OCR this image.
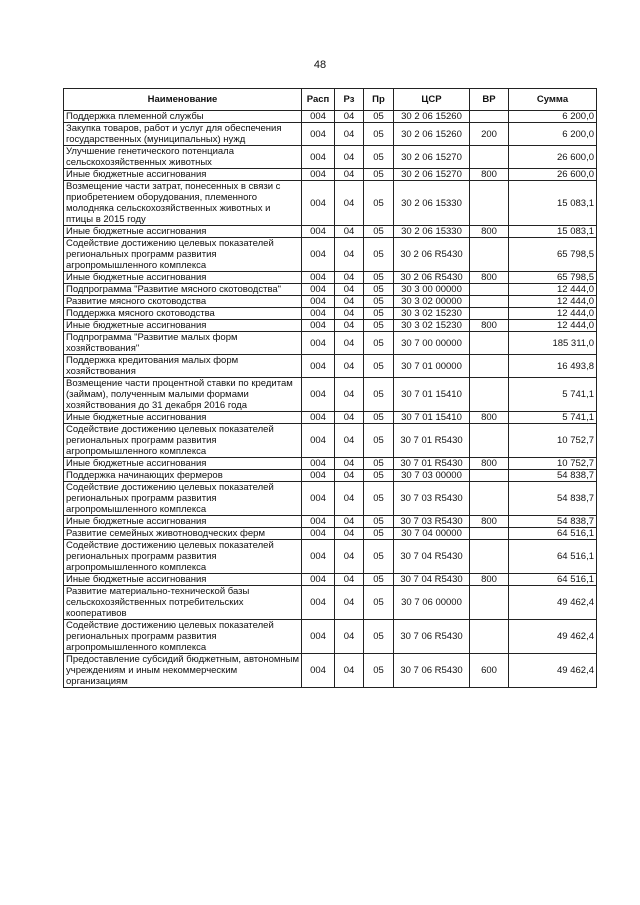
48
Наименование	Расп	Рз	Пр	ЦСР	ВР	Сумма
Поддержка племенной службы	004	04	05	30 2 06 15260		6 200,0
Закупка товаров, работ и услуг для обеспечения государственных (муниципальных) нужд	004	04	05	30 2 06 15260	200	6 200,0
Улучшение генетического потенциала сельскохозяйственных животных	004	04	05	30 2 06 15270		26 600,0
Иные бюджетные ассигнования	004	04	05	30 2 06 15270	800	26 600,0
Возмещение части затрат, понесенных в связи с приобретением оборудования, племенного молодняка сельскохозяйственных животных и птицы в 2015 году	004	04	05	30 2 06 15330		15 083,1
Иные бюджетные ассигнования	004	04	05	30 2 06 15330	800	15 083,1
Содействие достижению целевых показателей региональных программ развития агропромышленного комплекса	004	04	05	30 2 06 R5430		65 798,5
Иные бюджетные ассигнования	004	04	05	30 2 06 R5430	800	65 798,5
Подпрограмма "Развитие мясного скотоводства"	004	04	05	30 3 00 00000		12 444,0
Развитие мясного скотоводства	004	04	05	30 3 02 00000		12 444,0
Поддержка мясного скотоводства	004	04	05	30 3 02 15230		12 444,0
Иные бюджетные ассигнования	004	04	05	30 3 02 15230	800	12 444,0
Подпрограмма "Развитие малых форм хозяйствования"	004	04	05	30 7 00 00000		185 311,0
Поддержка кредитования малых форм хозяйствования	004	04	05	30 7 01 00000		16 493,8
Возмещение части процентной ставки по кредитам (займам), полученным малыми формами хозяйствования до 31 декабря 2016 года	004	04	05	30 7 01 15410		5 741,1
Иные бюджетные ассигнования	004	04	05	30 7 01 15410	800	5 741,1
Содействие достижению целевых показателей региональных программ развития агропромышленного комплекса	004	04	05	30 7 01 R5430		10 752,7
Иные бюджетные ассигнования	004	04	05	30 7 01 R5430	800	10 752,7
Поддержка начинающих фермеров	004	04	05	30 7 03 00000		54 838,7
Содействие достижению целевых показателей региональных программ развития агропромышленного комплекса	004	04	05	30 7 03 R5430		54 838,7
Иные бюджетные ассигнования	004	04	05	30 7 03 R5430	800	54 838,7
Развитие семейных животноводческих ферм	004	04	05	30 7 04 00000		64 516,1
Содействие достижению целевых показателей региональных программ развития агропромышленного комплекса	004	04	05	30 7 04 R5430		64 516,1
Иные бюджетные ассигнования	004	04	05	30 7 04 R5430	800	64 516,1
Развитие материально-технической базы сельскохозяйственных потребительских кооперативов	004	04	05	30 7 06 00000		49 462,4
Содействие достижению целевых показателей региональных программ развития агропромышленного комплекса	004	04	05	30 7 06 R5430		49 462,4
Предоставление субсидий бюджетным, автономным учреждениям и иным некоммерческим организациям	004	04	05	30 7 06 R5430	600	49 462,4
